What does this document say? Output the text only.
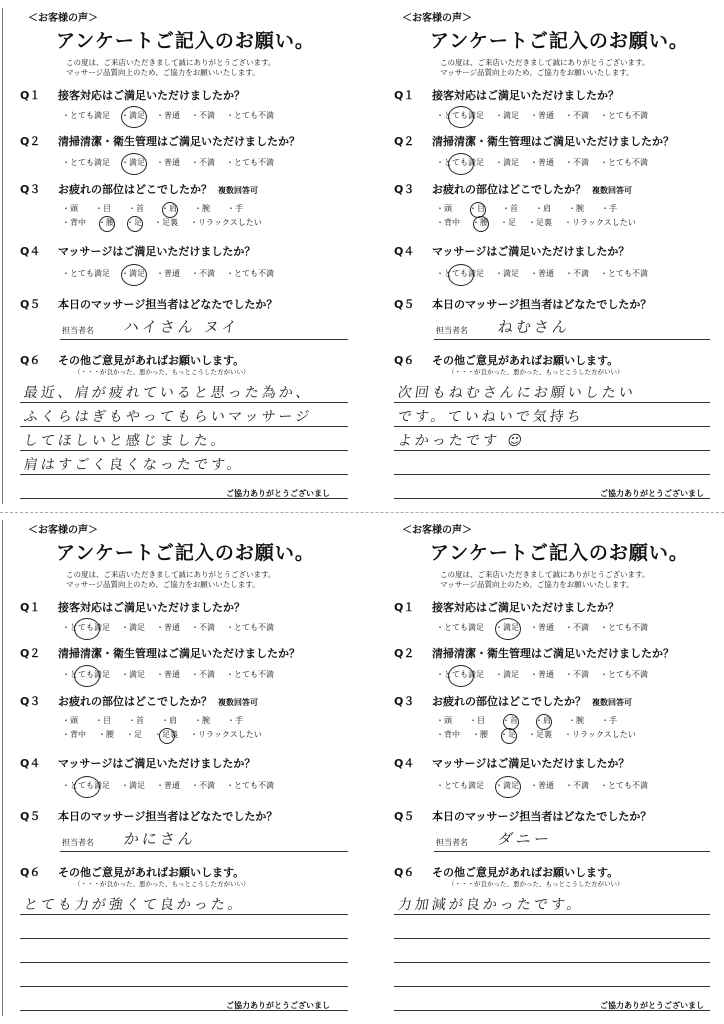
＜お客様の声＞
アンケートご記入のお願い。
この度は、ご来店いただきまして誠にありがとうございます。
マッサージ品質向上のため、ご協力をお願いいたします。
Q１ 接客対応はご満足いただけましたか？
・とても満足 ・満足 ・普通 ・不満 ・とても不満
Q２ 清掃清潔・衛生管理はご満足いただけましたか？
・とても満足 ・満足 ・普通 ・不満 ・とても不満
Q３ お疲れの部位はどこでしたか？ 複数回答可
・頭 ・目 ・首 ・肩 ・腕 ・手
・背中 ・腰 ・足 ・足裏 ・リラックスしたい
Q４ マッサージはご満足いただけましたか？
・とても満足 ・満足 ・普通 ・不満 ・とても不満
Q５ 本日のマッサージ担当者はどなたでしたか？
担当者名 ハイさん ヌイ
Q６ その他ご意見があればお願いします。
（・・・が良かった、悪かった、もっとこうした方がいい）
最近、肩が疲れていると思った為か、
ふくらはぎもやってもらいマッサージ
してほしいと感じました。
肩はすごく良くなったです。
ご協力ありがとうございまし
＜お客様の声＞
アンケートご記入のお願い。
この度は、ご来店いただきまして誠にありがとうございます。
マッサージ品質向上のため、ご協力をお願いいたします。
Q１ 接客対応はご満足いただけましたか？
・とても満足 ・満足 ・普通 ・不満 ・とても不満
Q２ 清掃清潔・衛生管理はご満足いただけましたか？
・とても満足 ・満足 ・普通 ・不満 ・とても不満
Q３ お疲れの部位はどこでしたか？ 複数回答可
・頭 ・目 ・首 ・肩 ・腕 ・手
・背中 ・腰 ・足 ・足裏 ・リラックスしたい
Q４ マッサージはご満足いただけましたか？
・とても満足 ・満足 ・普通 ・不満 ・とても不満
Q５ 本日のマッサージ担当者はどなたでしたか？
担当者名 ねむさん
Q６ その他ご意見があればお願いします。
（・・・が良かった、悪かった、もっとこうした方がいい）
次回もねむさんにお願いしたい
です。ていねいで気持ち
よかったです ☺
ご協力ありがとうございまし
＜お客様の声＞
アンケートご記入のお願い。
この度は、ご来店いただきまして誠にありがとうございます。
マッサージ品質向上のため、ご協力をお願いいたします。
Q１ 接客対応はご満足いただけましたか？
・とても満足 ・満足 ・普通 ・不満 ・とても不満
Q２ 清掃清潔・衛生管理はご満足いただけましたか？
・とても満足 ・満足 ・普通 ・不満 ・とても不満
Q３ お疲れの部位はどこでしたか？ 複数回答可
・頭 ・目 ・首 ・肩 ・腕 ・手
・背中 ・腰 ・足 ・足裏 ・リラックスしたい
Q４ マッサージはご満足いただけましたか？
・とても満足 ・満足 ・普通 ・不満 ・とても不満
Q５ 本日のマッサージ担当者はどなたでしたか？
担当者名 かにさん
Q６ その他ご意見があればお願いします。
（・・・が良かった、悪かった、もっとこうした方がいい）
とても力が強くて良かった。
ご協力ありがとうございまし
＜お客様の声＞
アンケートご記入のお願い。
この度は、ご来店いただきまして誠にありがとうございます。
マッサージ品質向上のため、ご協力をお願いいたします。
Q１ 接客対応はご満足いただけましたか？
・とても満足 ・満足 ・普通 ・不満 ・とても不満
Q２ 清掃清潔・衛生管理はご満足いただけましたか？
・とても満足 ・満足 ・普通 ・不満 ・とても不満
Q３ お疲れの部位はどこでしたか？ 複数回答可
・頭 ・目 ・首 ・肩 ・腕 ・手
・背中 ・腰 ・足 ・足裏 ・リラックスしたい
Q４ マッサージはご満足いただけましたか？
・とても満足 ・満足 ・普通 ・不満 ・とても不満
Q５ 本日のマッサージ担当者はどなたでしたか？
担当者名 ダニー
Q６ その他ご意見があればお願いします。
（・・・が良かった、悪かった、もっとこうした方がいい）
力加減が良かったです。
ご協力ありがとうございまし
